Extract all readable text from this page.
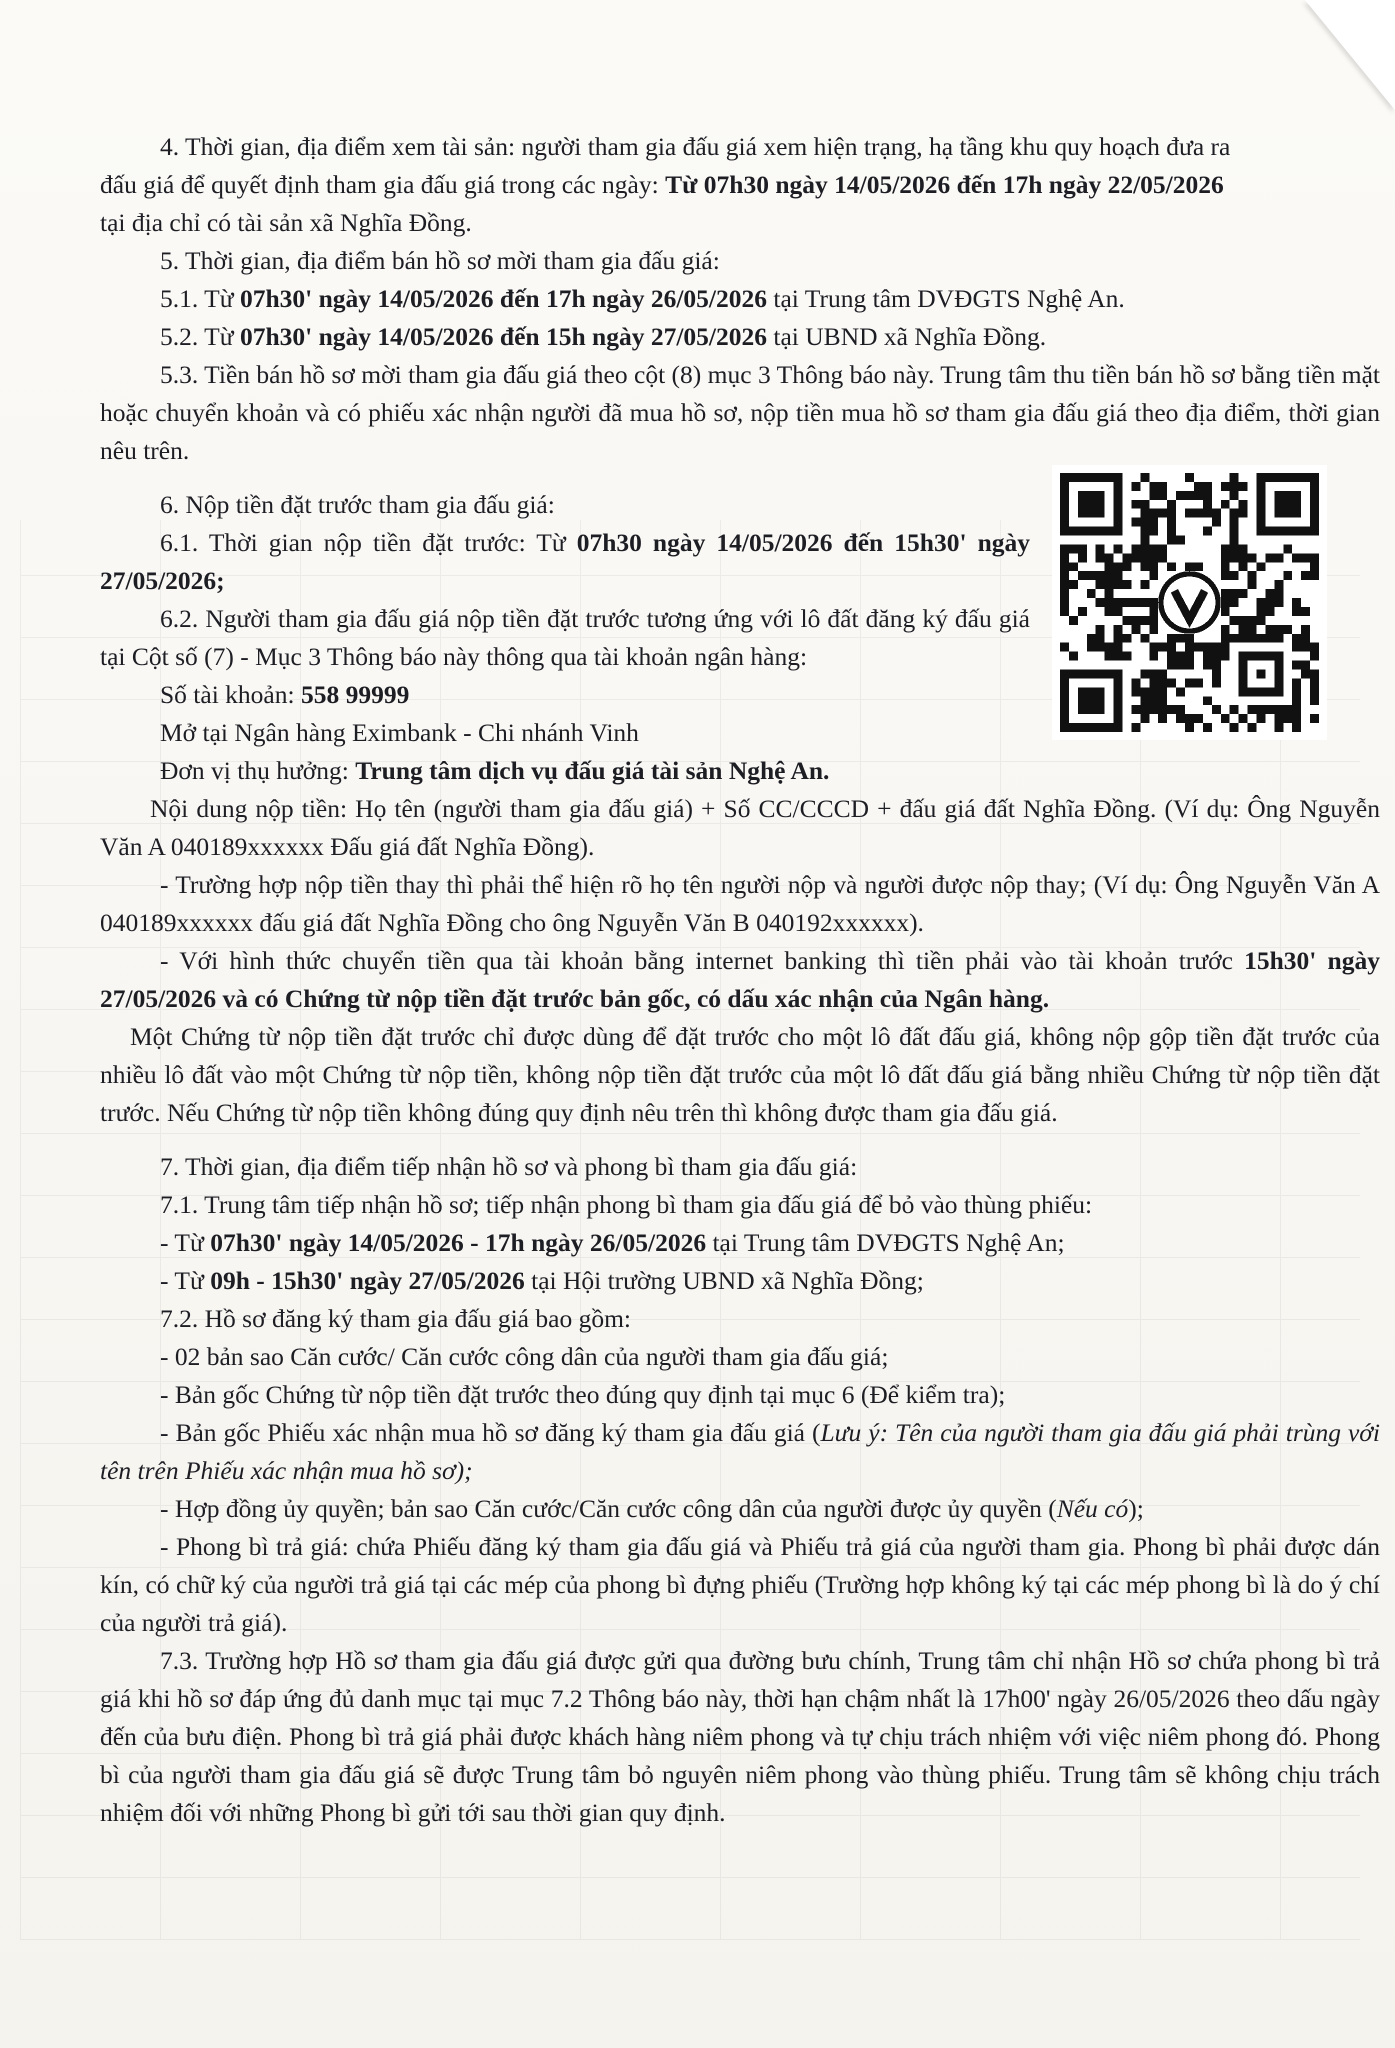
4. Thời gian, địa điểm xem tài sản: người tham gia đấu giá xem hiện trạng, hạ tầng khu quy hoạch đưa ra

đấu giá để quyết định tham gia đấu giá trong các ngày: Từ 07h30 ngày 14/05/2026 đến 17h ngày 22/05/2026

tại địa chỉ có tài sản xã Nghĩa Đồng.

5. Thời gian, địa điểm bán hồ sơ mời tham gia đấu giá:

5.1. Từ 07h30' ngày 14/05/2026 đến 17h ngày 26/05/2026 tại Trung tâm DVĐGTS Nghệ An.

5.2. Từ 07h30' ngày 14/05/2026 đến 15h ngày 27/05/2026 tại UBND xã Nghĩa Đồng.

5.3. Tiền bán hồ sơ mời tham gia đấu giá theo cột (8) mục 3 Thông báo này. Trung tâm thu tiền bán hồ sơ bằng tiền mặt hoặc chuyển khoản và có phiếu xác nhận người đã mua hồ sơ, nộp tiền mua hồ sơ tham gia đấu giá theo địa điểm, thời gian nêu trên.

6. Nộp tiền đặt trước tham gia đấu giá:

6.1. Thời gian nộp tiền đặt trước: Từ 07h30 ngày 14/05/2026 đến 15h30' ngày 27/05/2026;

6.2. Người tham gia đấu giá nộp tiền đặt trước tương ứng với lô đất đăng ký đấu giá tại Cột số (7) - Mục 3 Thông báo này thông qua tài khoản ngân hàng:

Số tài khoản: 558 99999

Mở tại Ngân hàng Eximbank - Chi nhánh Vinh

Đơn vị thụ hưởng: Trung tâm dịch vụ đấu giá tài sản Nghệ An.

Nội dung nộp tiền: Họ tên (người tham gia đấu giá) + Số CC/CCCD + đấu giá đất Nghĩa Đồng. (Ví dụ: Ông Nguyễn Văn A 040189xxxxxx Đấu giá đất Nghĩa Đồng).

- Trường hợp nộp tiền thay thì phải thể hiện rõ họ tên người nộp và người được nộp thay; (Ví dụ: Ông Nguyễn Văn A 040189xxxxxx đấu giá đất Nghĩa Đồng cho ông Nguyễn Văn B 040192xxxxxx).

- Với hình thức chuyển tiền qua tài khoản bằng internet banking thì tiền phải vào tài khoản trước 15h30' ngày 27/05/2026 và có Chứng từ nộp tiền đặt trước bản gốc, có dấu xác nhận của Ngân hàng.

Một Chứng từ nộp tiền đặt trước chỉ được dùng để đặt trước cho một lô đất đấu giá, không nộp gộp tiền đặt trước của nhiều lô đất vào một Chứng từ nộp tiền, không nộp tiền đặt trước của một lô đất đấu giá bằng nhiều Chứng từ nộp tiền đặt trước. Nếu Chứng từ nộp tiền không đúng quy định nêu trên thì không được tham gia đấu giá.

7. Thời gian, địa điểm tiếp nhận hồ sơ và phong bì tham gia đấu giá:

7.1. Trung tâm tiếp nhận hồ sơ; tiếp nhận phong bì tham gia đấu giá để bỏ vào thùng phiếu:

- Từ 07h30' ngày 14/05/2026 - 17h ngày 26/05/2026 tại Trung tâm DVĐGTS Nghệ An;

- Từ 09h - 15h30' ngày 27/05/2026 tại Hội trường UBND xã Nghĩa Đồng;

7.2. Hồ sơ đăng ký tham gia đấu giá bao gồm:

- 02 bản sao Căn cước/ Căn cước công dân của người tham gia đấu giá;

- Bản gốc Chứng từ nộp tiền đặt trước theo đúng quy định tại mục 6 (Để kiểm tra);

- Bản gốc Phiếu xác nhận mua hồ sơ đăng ký tham gia đấu giá (Lưu ý: Tên của người tham gia đấu giá phải trùng với tên trên Phiếu xác nhận mua hồ sơ);

- Hợp đồng ủy quyền; bản sao Căn cước/Căn cước công dân của người được ủy quyền (Nếu có);

- Phong bì trả giá: chứa Phiếu đăng ký tham gia đấu giá và Phiếu trả giá của người tham gia. Phong bì phải được dán kín, có chữ ký của người trả giá tại các mép của phong bì đựng phiếu (Trường hợp không ký tại các mép phong bì là do ý chí của người trả giá).

7.3. Trường hợp Hồ sơ tham gia đấu giá được gửi qua đường bưu chính, Trung tâm chỉ nhận Hồ sơ chứa phong bì trả giá khi hồ sơ đáp ứng đủ danh mục tại mục 7.2 Thông báo này, thời hạn chậm nhất là 17h00' ngày 26/05/2026 theo dấu ngày đến của bưu điện. Phong bì trả giá phải được khách hàng niêm phong và tự chịu trách nhiệm với việc niêm phong đó. Phong bì của người tham gia đấu giá sẽ được Trung tâm bỏ nguyên niêm phong vào thùng phiếu. Trung tâm sẽ không chịu trách nhiệm đối với những Phong bì gửi tới sau thời gian quy định.
